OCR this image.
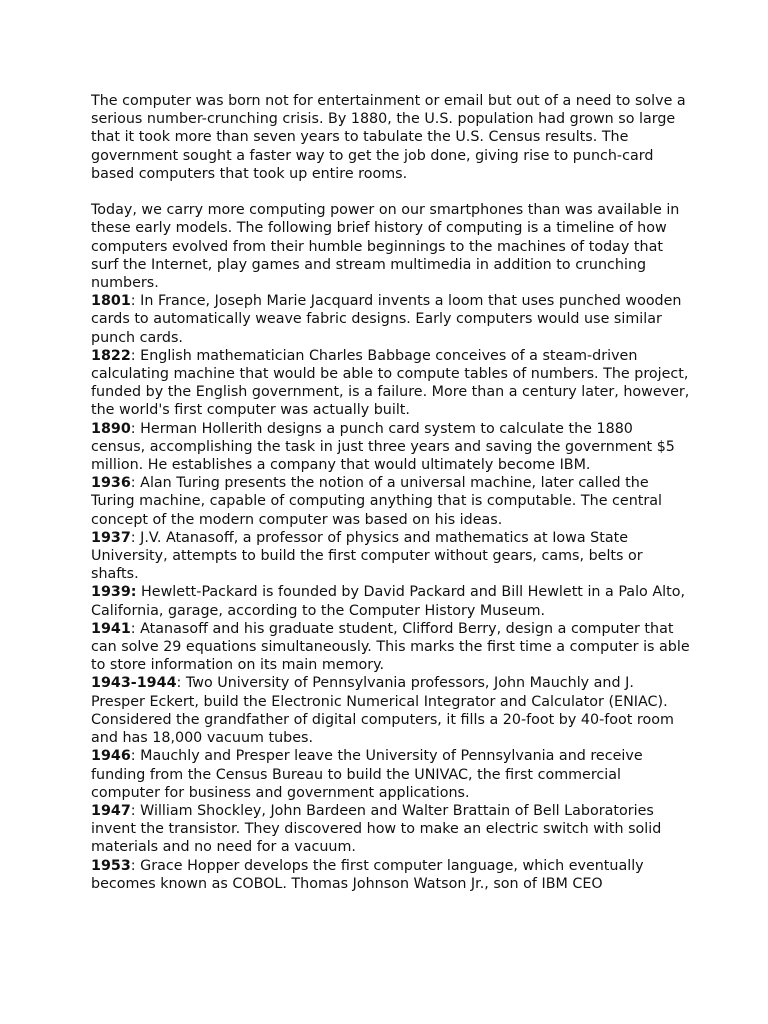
The computer was born not for entertainment or email but out of a need to solve a serious number-crunching crisis. By 1880, the U.S. population had grown so large that it took more than seven years to tabulate the U.S. Census results. The government sought a faster way to get the job done, giving rise to punch-card based computers that took up entire rooms.

Today, we carry more computing power on our smartphones than was available in these early models. The following brief history of computing is a timeline of how computers evolved from their humble beginnings to the machines of today that surf the Internet, play games and stream multimedia in addition to crunching numbers.

1801: In France, Joseph Marie Jacquard invents a loom that uses punched wooden cards to automatically weave fabric designs. Early computers would use similar punch cards.

1822: English mathematician Charles Babbage conceives of a steam-driven calculating machine that would be able to compute tables of numbers. The project, funded by the English government, is a failure. More than a century later, however, the world's first computer was actually built.

1890: Herman Hollerith designs a punch card system to calculate the 1880 census, accomplishing the task in just three years and saving the government $5 million. He establishes a company that would ultimately become IBM.

1936: Alan Turing presents the notion of a universal machine, later called the Turing machine, capable of computing anything that is computable. The central concept of the modern computer was based on his ideas.

1937: J.V. Atanasoff, a professor of physics and mathematics at Iowa State University, attempts to build the first computer without gears, cams, belts or shafts.

1939: Hewlett-Packard is founded by David Packard and Bill Hewlett in a Palo Alto, California, garage, according to the Computer History Museum.

1941: Atanasoff and his graduate student, Clifford Berry, design a computer that can solve 29 equations simultaneously. This marks the first time a computer is able to store information on its main memory.

1943-1944: Two University of Pennsylvania professors, John Mauchly and J. Presper Eckert, build the Electronic Numerical Integrator and Calculator (ENIAC). Considered the grandfather of digital computers, it fills a 20-foot by 40-foot room and has 18,000 vacuum tubes.

1946: Mauchly and Presper leave the University of Pennsylvania and receive funding from the Census Bureau to build the UNIVAC, the first commercial computer for business and government applications.

1947: William Shockley, John Bardeen and Walter Brattain of Bell Laboratories invent the transistor. They discovered how to make an electric switch with solid materials and no need for a vacuum.

1953: Grace Hopper develops the first computer language, which eventually becomes known as COBOL. Thomas Johnson Watson Jr., son of IBM CEO
